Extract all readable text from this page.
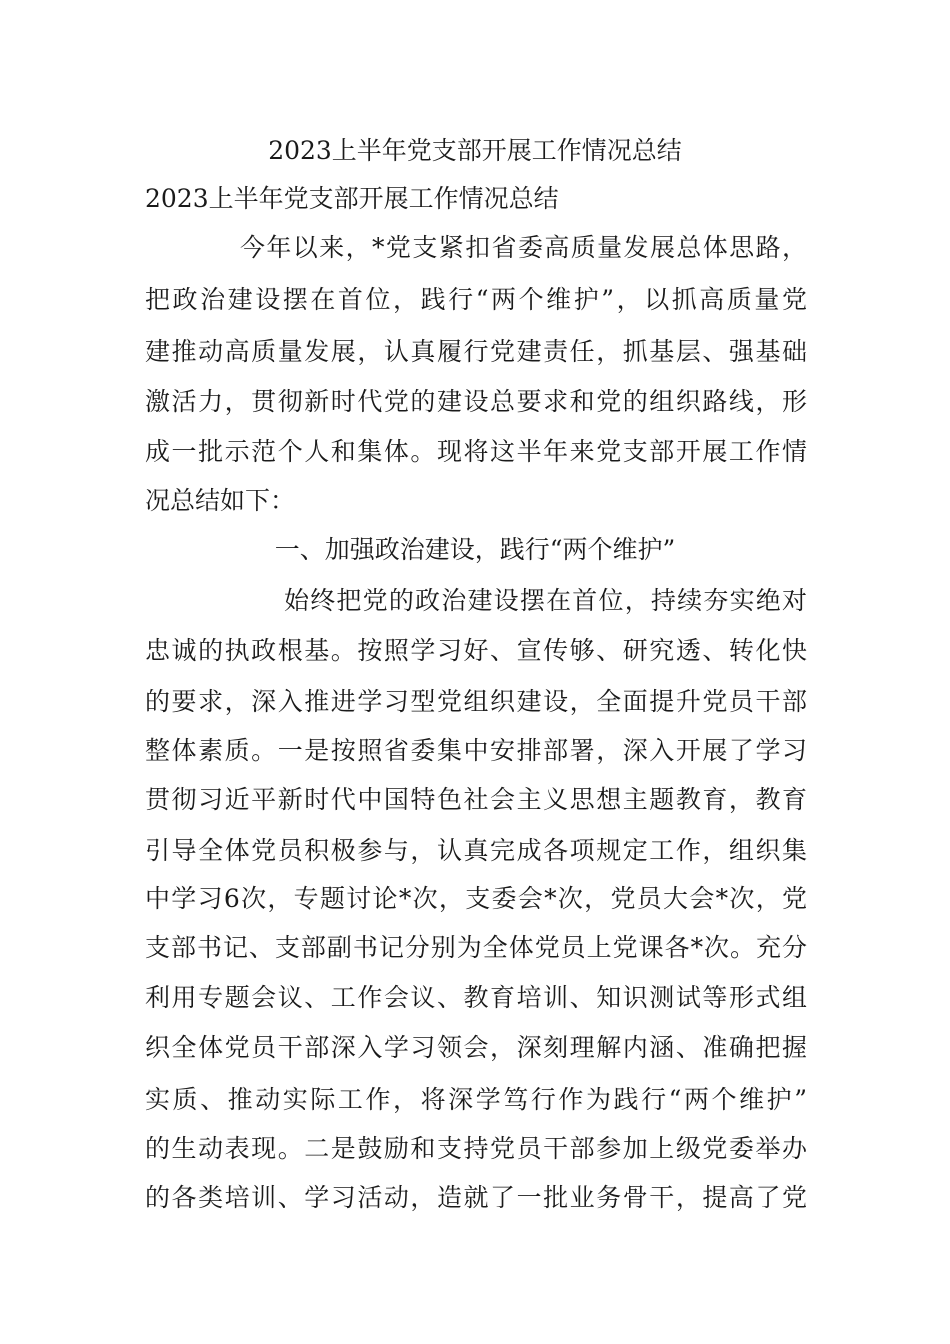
2023上半年党支部开展工作情况总结
2023上半年党支部开展工作情况总结
今年以来，*党支紧扣省委高质量发展总体思路，
把政治建设摆在首位，践行“两个维护”，以抓高质量党
建推动高质量发展，认真履行党建责任，抓基层、强基础
激活力，贯彻新时代党的建设总要求和党的组织路线，形
成一批示范个人和集体。现将这半年来党支部开展工作情
况总结如下：
一、加强政治建设，践行“两个维护”
始终把党的政治建设摆在首位，持续夯实绝对
忠诚的执政根基。按照学习好、宣传够、研究透、转化快
的要求，深入推进学习型党组织建设，全面提升党员干部
整体素质。一是按照省委集中安排部署，深入开展了学习
贯彻习近平新时代中国特色社会主义思想主题教育，教育
引导全体党员积极参与，认真完成各项规定工作，组织集
中学习6次，专题讨论*次，支委会*次，党员大会*次，党
支部书记、支部副书记分别为全体党员上党课各*次。充分
利用专题会议、工作会议、教育培训、知识测试等形式组
织全体党员干部深入学习领会，深刻理解内涵、准确把握
实质、推动实际工作，将深学笃行作为践行“两个维护”
的生动表现。二是鼓励和支持党员干部参加上级党委举办
的各类培训、学习活动，造就了一批业务骨干，提高了党
